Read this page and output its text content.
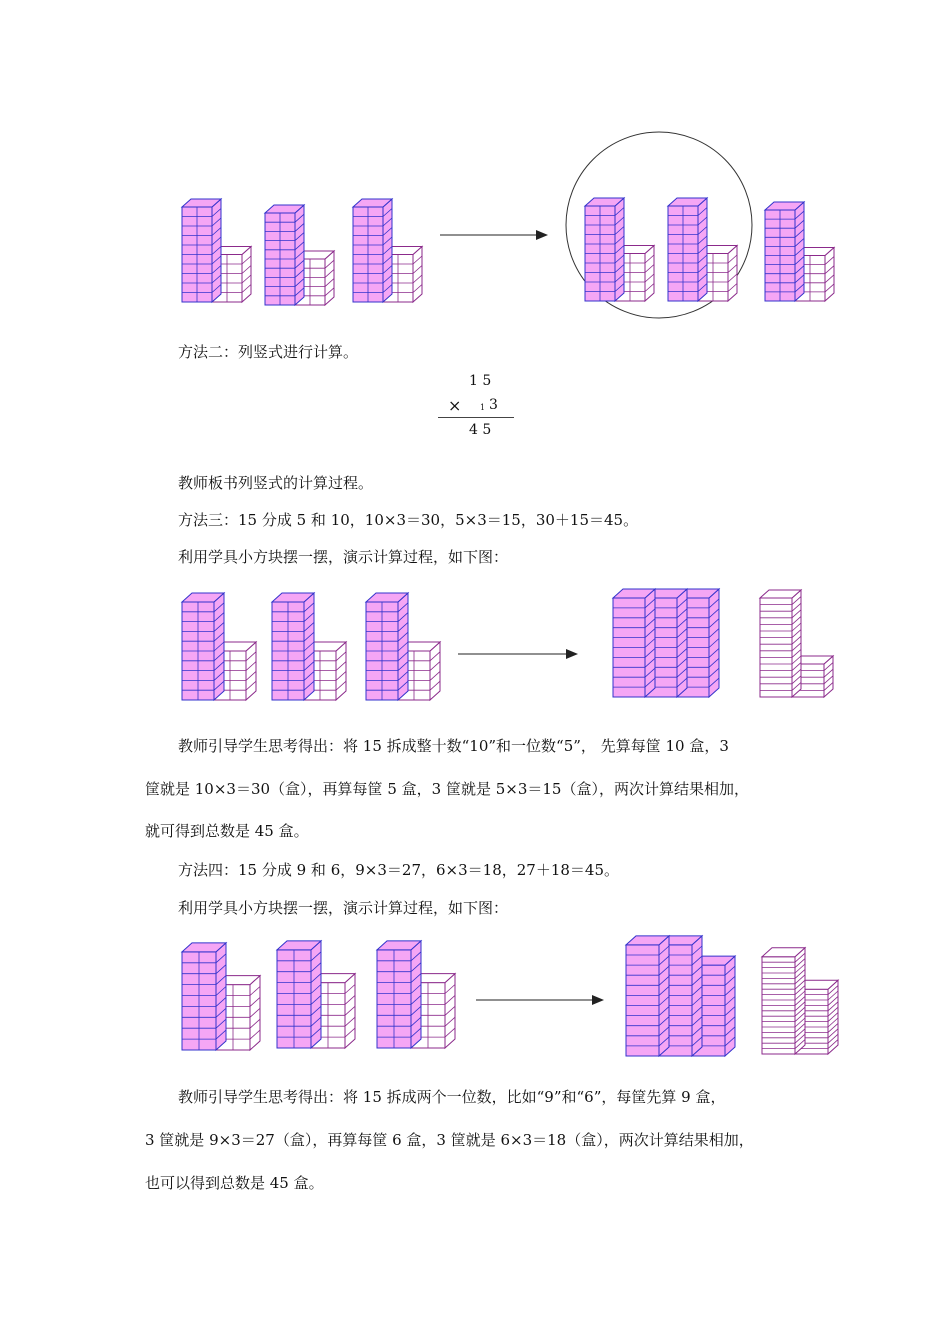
方法二：列竖式进行计算。
1 5
× 1 3
4 5
教师板书列竖式的计算过程。
方法三：15 分成 5 和 10，10×3＝30，5×3＝15，30＋15＝45。
利用学具小方块摆一摆，演示计算过程，如下图：
教师引导学生思考得出：将 15 拆成整十数“10”和一位数“5”， 先算每筐 10 盒，3
筐就是 10×3＝30（盒），再算每筐 5 盒，3 筐就是 5×3＝15（盒），两次计算结果相加，
就可得到总数是 45 盒。
方法四：15 分成 9 和 6，9×3＝27，6×3＝18，27＋18＝45。
利用学具小方块摆一摆，演示计算过程，如下图：
教师引导学生思考得出：将 15 拆成两个一位数，比如“9”和“6”，每筐先算 9 盒，
3 筐就是 9×3＝27（盒），再算每筐 6 盒，3 筐就是 6×3＝18（盒），两次计算结果相加，
也可以得到总数是 45 盒。
